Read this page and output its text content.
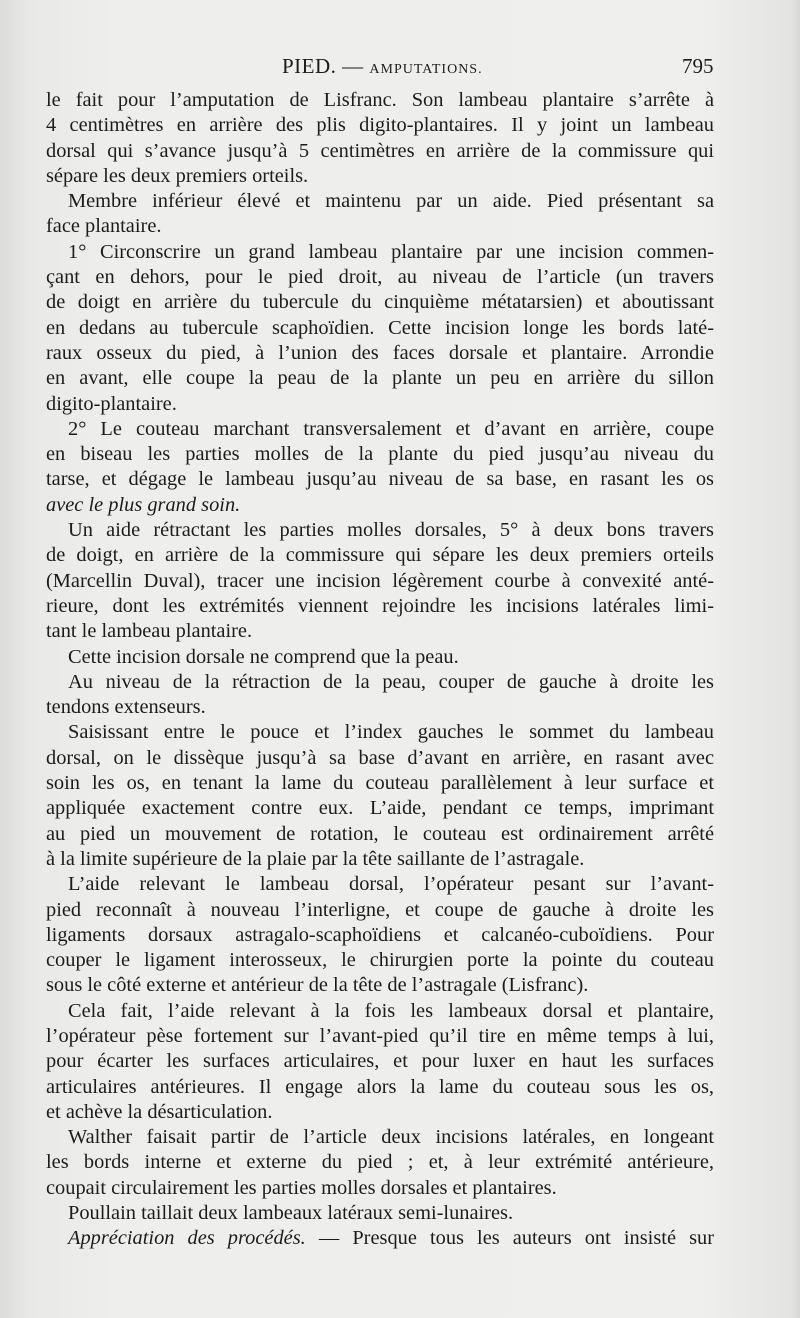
PIED. — AMPUTATIONS.	795
le fait pour l’amputation de Lisfranc. Son lambeau plantaire s’arrête à
4 centimètres en arrière des plis digito-plantaires. Il y joint un lambeau
dorsal qui s’avance jusqu’à 5 centimètres en arrière de la commissure qui
sépare les deux premiers orteils.
Membre inférieur élevé et maintenu par un aide. Pied présentant sa
face plantaire.
1° Circonscrire un grand lambeau plantaire par une incision commen-
çant en dehors, pour le pied droit, au niveau de l’article (un travers
de doigt en arrière du tubercule du cinquième métatarsien) et aboutissant
en dedans au tubercule scaphoïdien. Cette incision longe les bords laté-
raux osseux du pied, à l’union des faces dorsale et plantaire. Arrondie
en avant, elle coupe la peau de la plante un peu en arrière du sillon
digito-plantaire.
2° Le couteau marchant transversalement et d’avant en arrière, coupe
en biseau les parties molles de la plante du pied jusqu’au niveau du
tarse, et dégage le lambeau jusqu’au niveau de sa base, en rasant les os
avec le plus grand soin.
Un aide rétractant les parties molles dorsales, 5° à deux bons travers
de doigt, en arrière de la commissure qui sépare les deux premiers orteils
(Marcellin Duval), tracer une incision légèrement courbe à convexité anté-
rieure, dont les extrémités viennent rejoindre les incisions latérales limi-
tant le lambeau plantaire.
Cette incision dorsale ne comprend que la peau.
Au niveau de la rétraction de la peau, couper de gauche à droite les
tendons extenseurs.
Saisissant entre le pouce et l’index gauches le sommet du lambeau
dorsal, on le dissèque jusqu’à sa base d’avant en arrière, en rasant avec
soin les os, en tenant la lame du couteau parallèlement à leur surface et
appliquée exactement contre eux. L’aide, pendant ce temps, imprimant
au pied un mouvement de rotation, le couteau est ordinairement arrêté
à la limite supérieure de la plaie par la tête saillante de l’astragale.
L’aide relevant le lambeau dorsal, l’opérateur pesant sur l’avant-
pied reconnaît à nouveau l’interligne, et coupe de gauche à droite les
ligaments dorsaux astragalo-scaphoïdiens et calcanéo-cuboïdiens. Pour
couper le ligament interosseux, le chirurgien porte la pointe du couteau
sous le côté externe et antérieur de la tête de l’astragale (Lisfranc).
Cela fait, l’aide relevant à la fois les lambeaux dorsal et plantaire,
l’opérateur pèse fortement sur l’avant-pied qu’il tire en même temps à lui,
pour écarter les surfaces articulaires, et pour luxer en haut les surfaces
articulaires antérieures. Il engage alors la lame du couteau sous les os,
et achève la désarticulation.
Walther faisait partir de l’article deux incisions latérales, en longeant
les bords interne et externe du pied ; et, à leur extrémité antérieure,
coupait circulairement les parties molles dorsales et plantaires.
Poullain taillait deux lambeaux latéraux semi-lunaires.
Appréciation des procédés. — Presque tous les auteurs ont insisté sur
